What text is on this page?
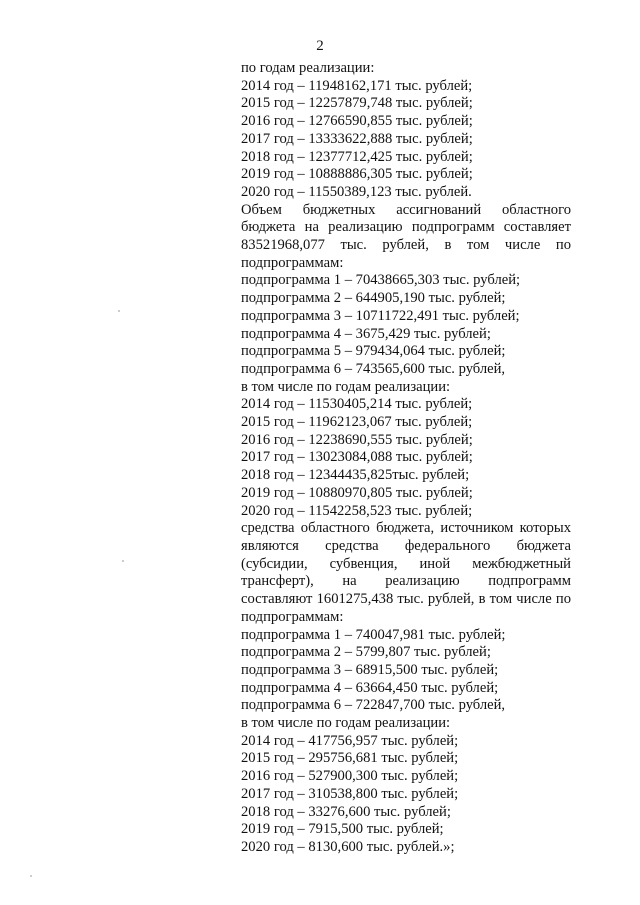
2
по годам реализации:
2014 год – 11948162,171 тыс. рублей;
2015 год – 12257879,748 тыс. рублей;
2016 год – 12766590,855 тыс. рублей;
2017 год – 13333622,888 тыс. рублей;
2018 год – 12377712,425 тыс. рублей;
2019 год – 10888886,305 тыс. рублей;
2020 год – 11550389,123 тыс. рублей.
Объем бюджетных ассигнований областного
бюджета на реализацию подпрограмм составляет
83521968,077 тыс. рублей, в том числе по
подпрограммам:
подпрограмма 1 – 70438665,303 тыс. рублей;
подпрограмма 2 – 644905,190 тыс. рублей;
подпрограмма 3 – 10711722,491 тыс. рублей;
подпрограмма 4 – 3675,429 тыс. рублей;
подпрограмма 5 – 979434,064 тыс. рублей;
подпрограмма 6 – 743565,600 тыс. рублей,
в том числе по годам реализации:
2014 год – 11530405,214 тыс. рублей;
2015 год – 11962123,067 тыс. рублей;
2016 год – 12238690,555 тыс. рублей;
2017 год – 13023084,088 тыс. рублей;
2018 год – 12344435,825тыс. рублей;
2019 год – 10880970,805 тыс. рублей;
2020 год – 11542258,523 тыс. рублей;
средства областного бюджета, источником которых
являются средства федерального бюджета
(субсидии, субвенция, иной межбюджетный
трансферт), на реализацию подпрограмм
составляют 1601275,438 тыс. рублей, в том числе по
подпрограммам:
подпрограмма 1 – 740047,981 тыс. рублей;
подпрограмма 2 – 5799,807 тыс. рублей;
подпрограмма 3 – 68915,500 тыс. рублей;
подпрограмма 4 – 63664,450 тыс. рублей;
подпрограмма 6 – 722847,700 тыс. рублей,
в том числе по годам реализации:
2014 год – 417756,957 тыс. рублей;
2015 год – 295756,681 тыс. рублей;
2016 год – 527900,300 тыс. рублей;
2017 год – 310538,800 тыс. рублей;
2018 год – 33276,600 тыс. рублей;
2019 год – 7915,500 тыс. рублей;
2020 год – 8130,600 тыс. рублей.»;
